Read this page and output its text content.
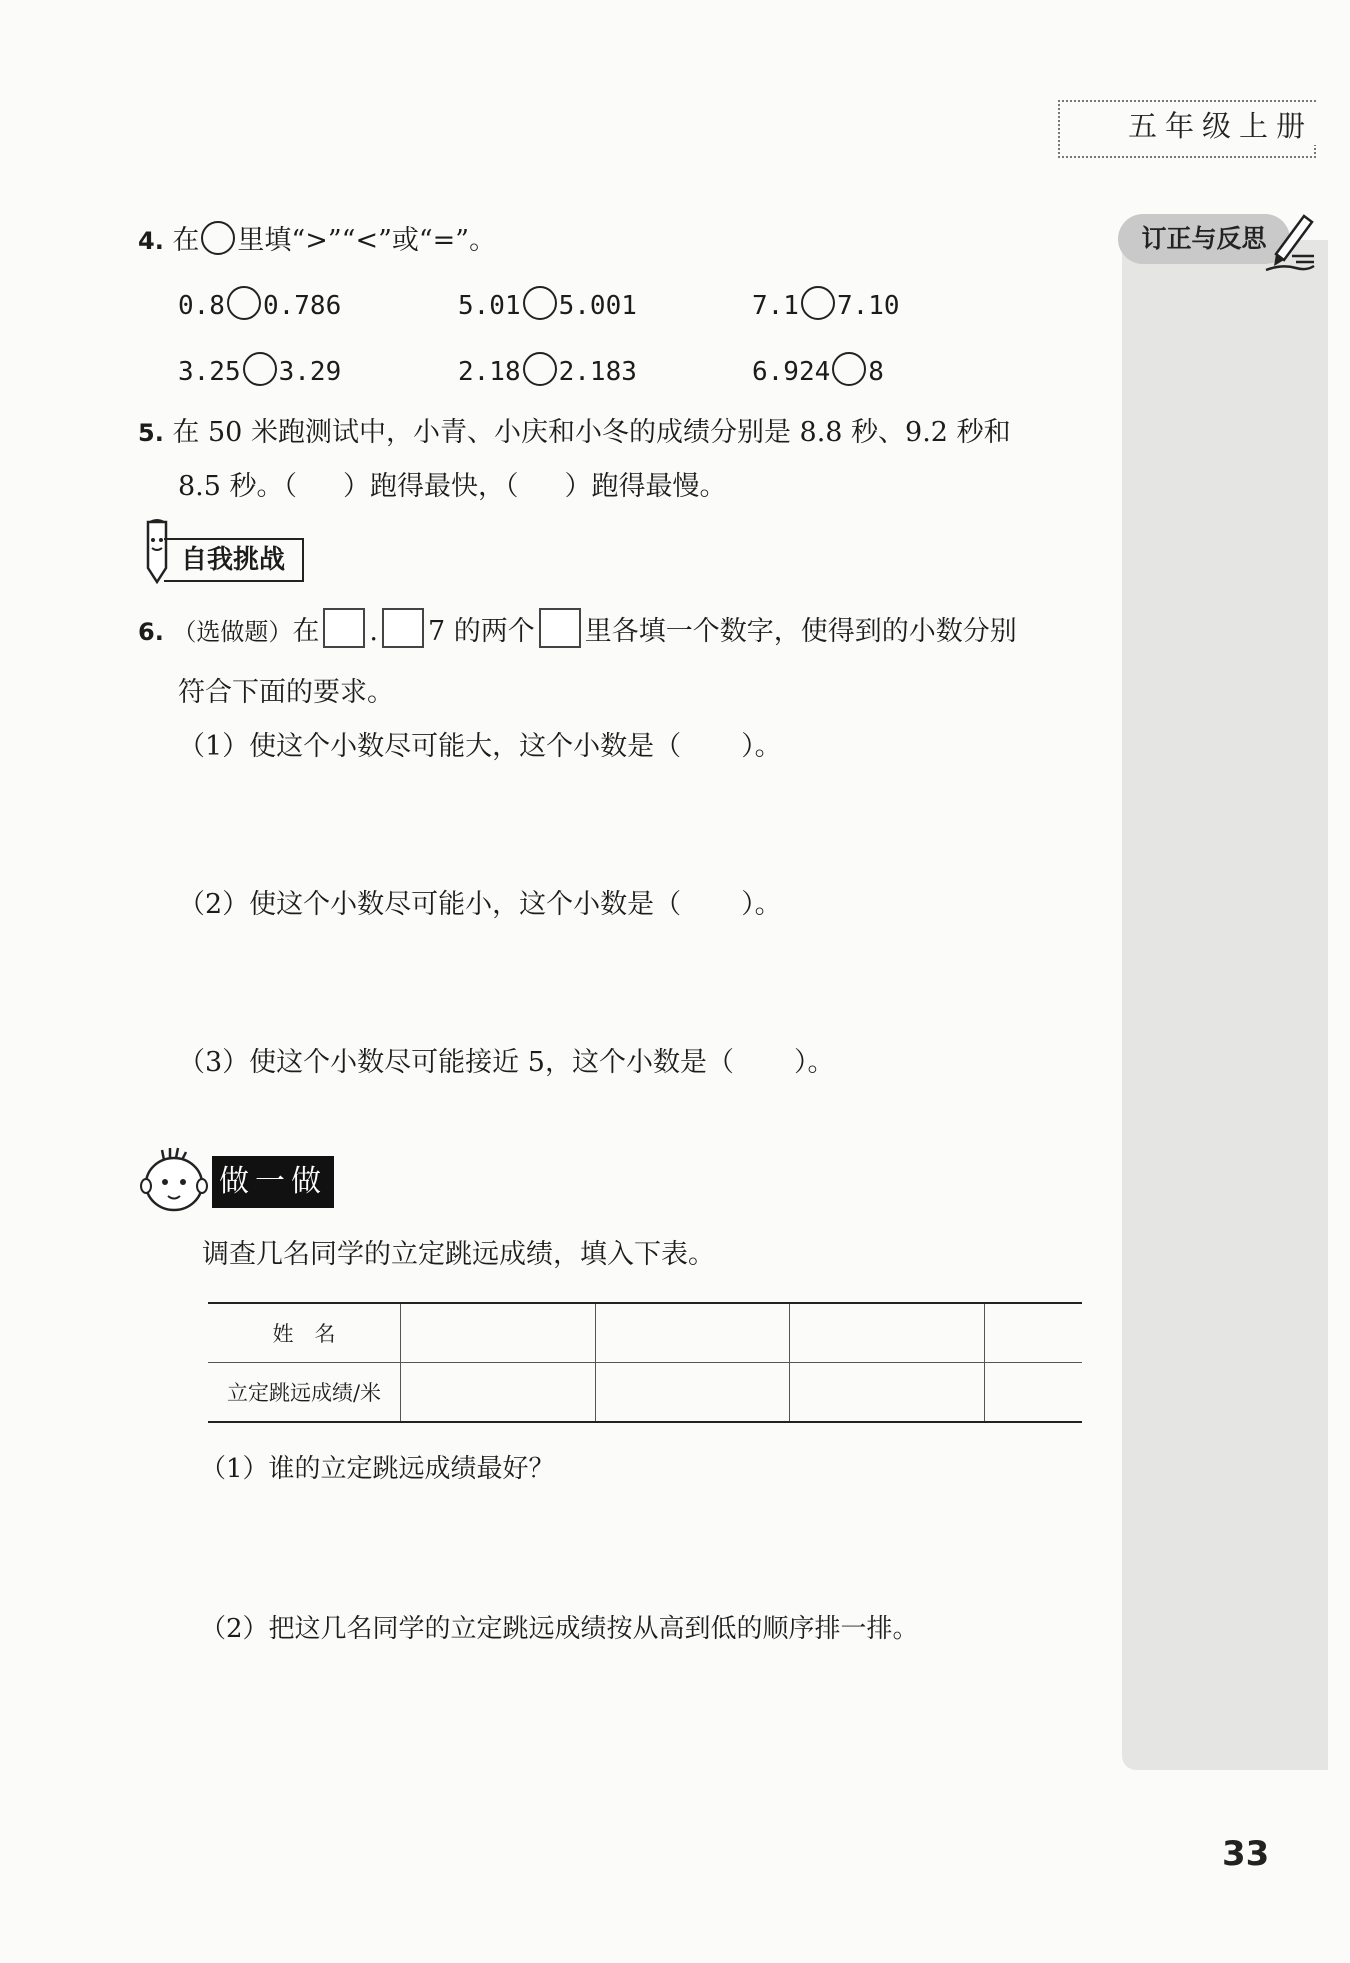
五年级上册
订正与反思
4. 在 里填“>”“<”或“=”。
0.8 0.786	5.01 5.001	7.1 7.10
3.25 3.29	2.18 2.183	6.924 8
5. 在 50 米跑测试中，小青、小庆和小冬的成绩分别是 8.8 秒、9.2 秒和
8.5 秒。（ ）跑得最快，（ ）跑得最慢。
自我挑战
6. （选做题）在 . 7 的两个 里各填一个数字，使得到的小数分别
符合下面的要求。
（1）使这个小数尽可能大，这个小数是（ ）。
（2）使这个小数尽可能小，这个小数是（ ）。
（3）使这个小数尽可能接近 5，这个小数是（ ）。
做一做
调查几名同学的立定跳远成绩，填入下表。
姓　名				
立定跳远成绩/米				
（1）谁的立定跳远成绩最好？
（2）把这几名同学的立定跳远成绩按从高到低的顺序排一排。
33
